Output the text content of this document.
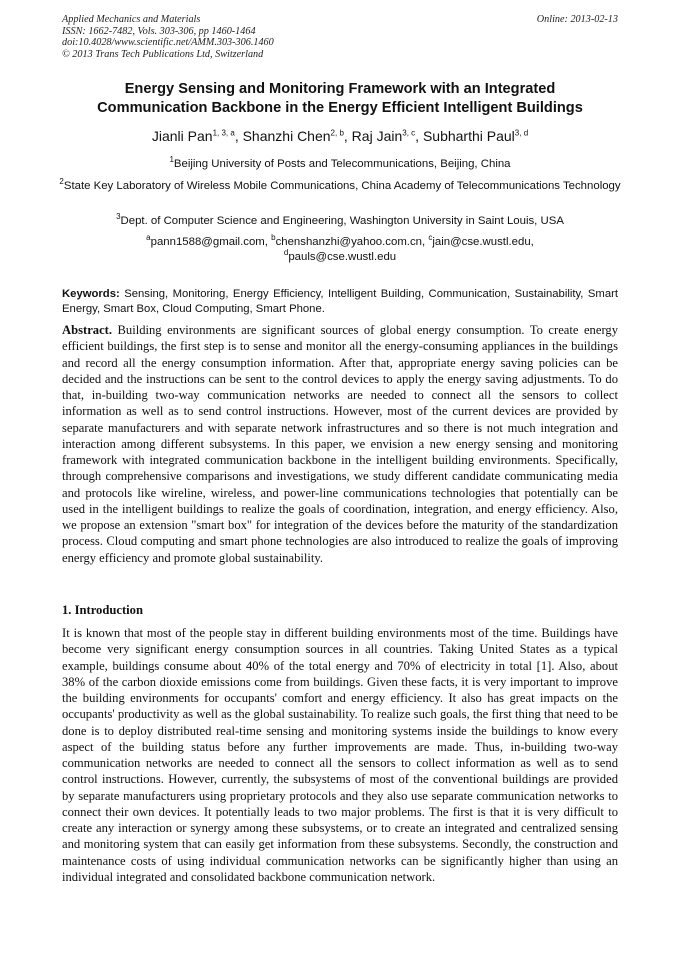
Applied Mechanics and Materials
ISSN: 1662-7482, Vols. 303-306, pp 1460-1464
doi:10.4028/www.scientific.net/AMM.303-306.1460
© 2013 Trans Tech Publications Ltd, Switzerland
Online: 2013-02-13
Energy Sensing and Monitoring Framework with an Integrated
Communication Backbone in the Energy Efficient Intelligent Buildings
Jianli Pan$^{1, 3, a}$, Shanzhi Chen$^{2, b}$, Raj Jain$^{3, c}$, Subharthi Paul$^{3, d}$
$^1$Beijing University of Posts and Telecommunications, Beijing, China
$^2$State Key Laboratory of Wireless Mobile Communications, China Academy of Telecommunications Technology
$^3$Dept. of Computer Science and Engineering, Washington University in Saint Louis, USA
$^a$pann1588@gmail.com, $^b$chenshanzhi@yahoo.com.cn, $^c$jain@cse.wustl.edu,
$^d$pauls@cse.wustl.edu
Keywords: Sensing, Monitoring, Energy Efficiency, Intelligent Building, Communication, Sustainability, Smart Energy, Smart Box, Cloud Computing, Smart Phone.
Abstract. Building environments are significant sources of global energy consumption. To create energy efficient buildings, the first step is to sense and monitor all the energy-consuming appliances in the buildings and record all the energy consumption information. After that, appropriate energy saving policies can be decided and the instructions can be sent to the control devices to apply the energy saving adjustments. To do that, in-building two-way communication networks are needed to connect all the sensors to collect information as well as to send control instructions. However, most of the current devices are provided by separate manufacturers and with separate network infrastructures and so there is not much integration and interaction among different subsystems. In this paper, we envision a new energy sensing and monitoring framework with integrated communication backbone in the intelligent building environments. Specifically, through comprehensive comparisons and investigations, we study different candidate communicating media and protocols like wireline, wireless, and power-line communications technologies that potentially can be used in the intelligent buildings to realize the goals of coordination, integration, and energy efficiency. Also, we propose an extension "smart box" for integration of the devices before the maturity of the standardization process. Cloud computing and smart phone technologies are also introduced to realize the goals of improving energy efficiency and promote global sustainability.
1. Introduction
It is known that most of the people stay in different building environments most of the time. Buildings have become very significant energy consumption sources in all countries. Taking United States as a typical example, buildings consume about 40% of the total energy and 70% of electricity in total [1]. Also, about 38% of the carbon dioxide emissions come from buildings. Given these facts, it is very important to improve the building environments for occupants' comfort and energy efficiency. It also has great impacts on the occupants' productivity as well as the global sustainability. To realize such goals, the first thing that need to be done is to deploy distributed real-time sensing and monitoring systems inside the buildings to know every aspect of the building status before any further improvements are made. Thus, in-building two-way communication networks are needed to connect all the sensors to collect information as well as to send control instructions. However, currently, the subsystems of most of the conventional buildings are provided by separate manufacturers using proprietary protocols and they also use separate communication networks to connect their own devices. It potentially leads to two major problems. The first is that it is very difficult to create any interaction or synergy among these subsystems, or to create an integrated and centralized sensing and monitoring system that can easily get information from these subsystems. Secondly, the construction and maintenance costs of using individual communication networks can be significantly higher than using an individual integrated and consolidated backbone communication network.
